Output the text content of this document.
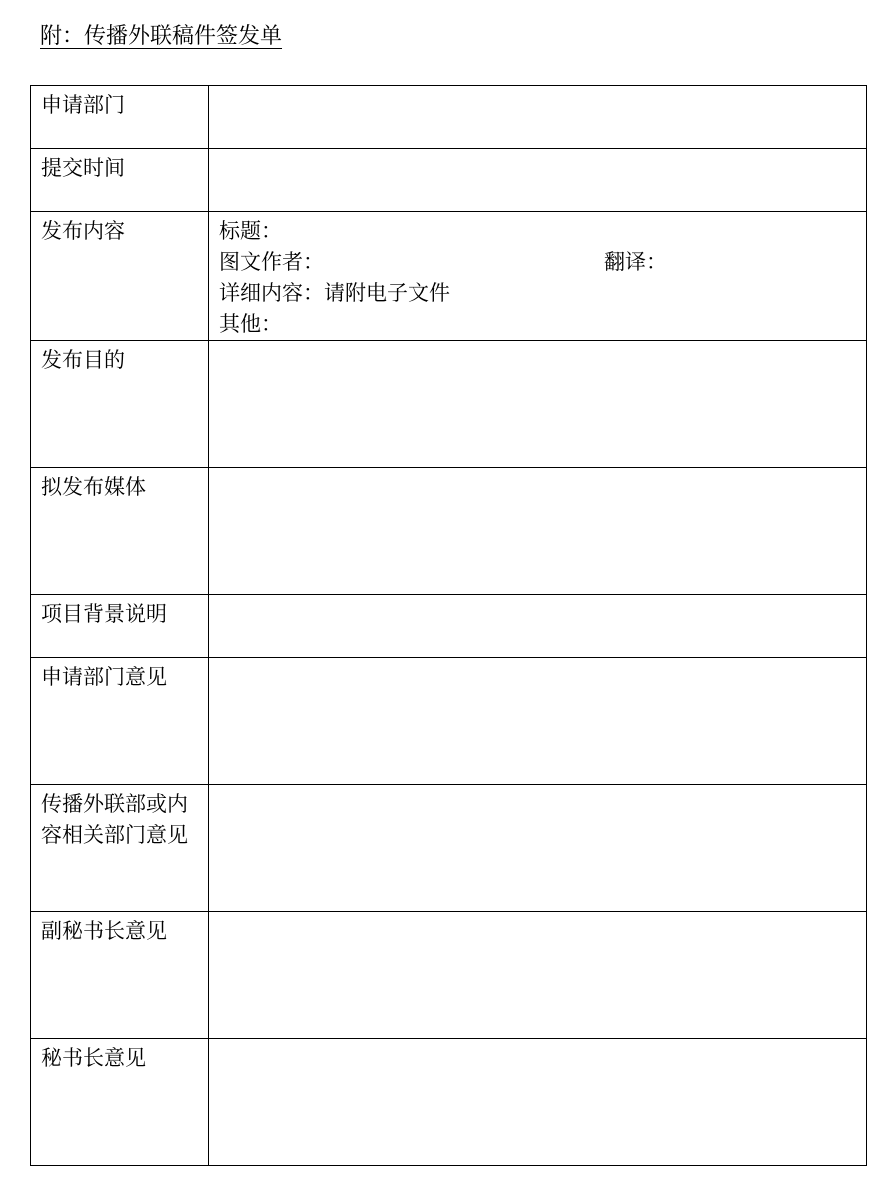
附：传播外联稿件签发单
申请部门	

提交时间	

发布内容	标题：
图文作者： 翻译：
详细内容：请附电子文件
其他：

发布目的	

拟发布媒体	

项目背景说明	

申请部门意见	

传播外联部或内容相关部门意见	

副秘书长意见	

秘书长意见	
